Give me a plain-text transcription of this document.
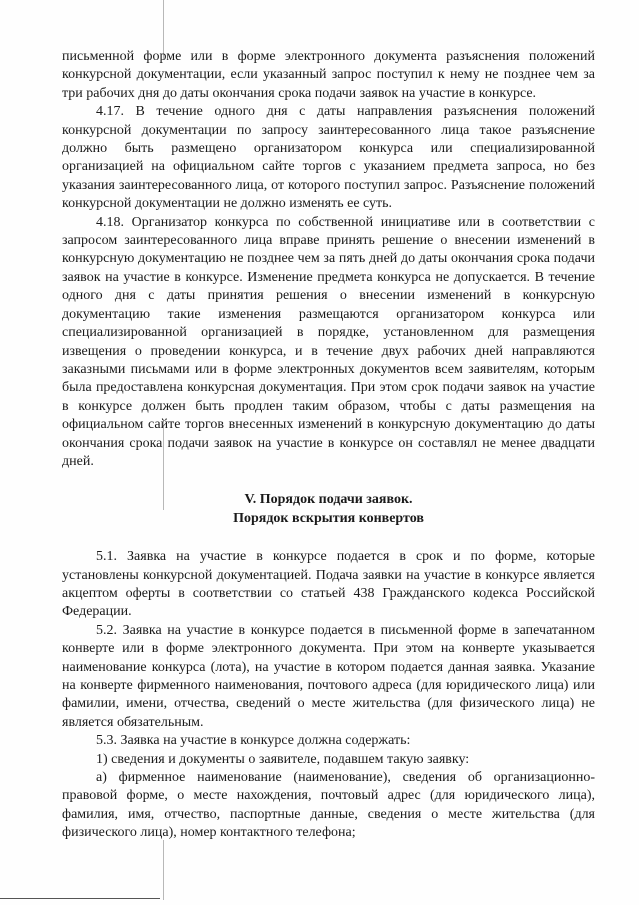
письменной форме или в форме электронного документа разъяснения положений конкурсной документации, если указанный запрос поступил к нему не позднее чем за три рабочих дня до даты окончания срока подачи заявок на участие в конкурсе.

4.17. В течение одного дня с даты направления разъяснения положений конкурсной документации по запросу заинтересованного лица такое разъяснение должно быть размещено организатором конкурса или специализированной организацией на официальном сайте торгов с указанием предмета запроса, но без указания заинтересованного лица, от которого поступил запрос. Разъяснение положений конкурсной документации не должно изменять ее суть.

4.18. Организатор конкурса по собственной инициативе или в соответствии с запросом заинтересованного лица вправе принять решение о внесении изменений в конкурсную документацию не позднее чем за пять дней до даты окончания срока подачи заявок на участие в конкурсе. Изменение предмета конкурса не допускается. В течение одного дня с даты принятия решения о внесении изменений в конкурсную документацию такие изменения размещаются организатором конкурса или специализированной организацией в порядке, установленном для размещения извещения о проведении конкурса, и в течение двух рабочих дней направляются заказными письмами или в форме электронных документов всем заявителям, которым была предоставлена конкурсная документация. При этом срок подачи заявок на участие в конкурсе должен быть продлен таким образом, чтобы с даты размещения на официальном сайте торгов внесенных изменений в конкурсную документацию до даты окончания срока подачи заявок на участие в конкурсе он составлял не менее двадцати дней.

V. Порядок подачи заявок.
Порядок вскрытия конвертов

5.1. Заявка на участие в конкурсе подается в срок и по форме, которые установлены конкурсной документацией. Подача заявки на участие в конкурсе является акцептом оферты в соответствии со статьей 438 Гражданского кодекса Российской Федерации.

5.2. Заявка на участие в конкурсе подается в письменной форме в запечатанном конверте или в форме электронного документа. При этом на конверте указывается наименование конкурса (лота), на участие в котором подается данная заявка. Указание на конверте фирменного наименования, почтового адреса (для юридического лица) или фамилии, имени, отчества, сведений о месте жительства (для физического лица) не является обязательным.

5.3. Заявка на участие в конкурсе должна содержать:

1) сведения и документы о заявителе, подавшем такую заявку:

а) фирменное наименование (наименование), сведения об организационно-правовой форме, о месте нахождения, почтовый адрес (для юридического лица), фамилия, имя, отчество, паспортные данные, сведения о месте жительства (для физического лица), номер контактного телефона;
